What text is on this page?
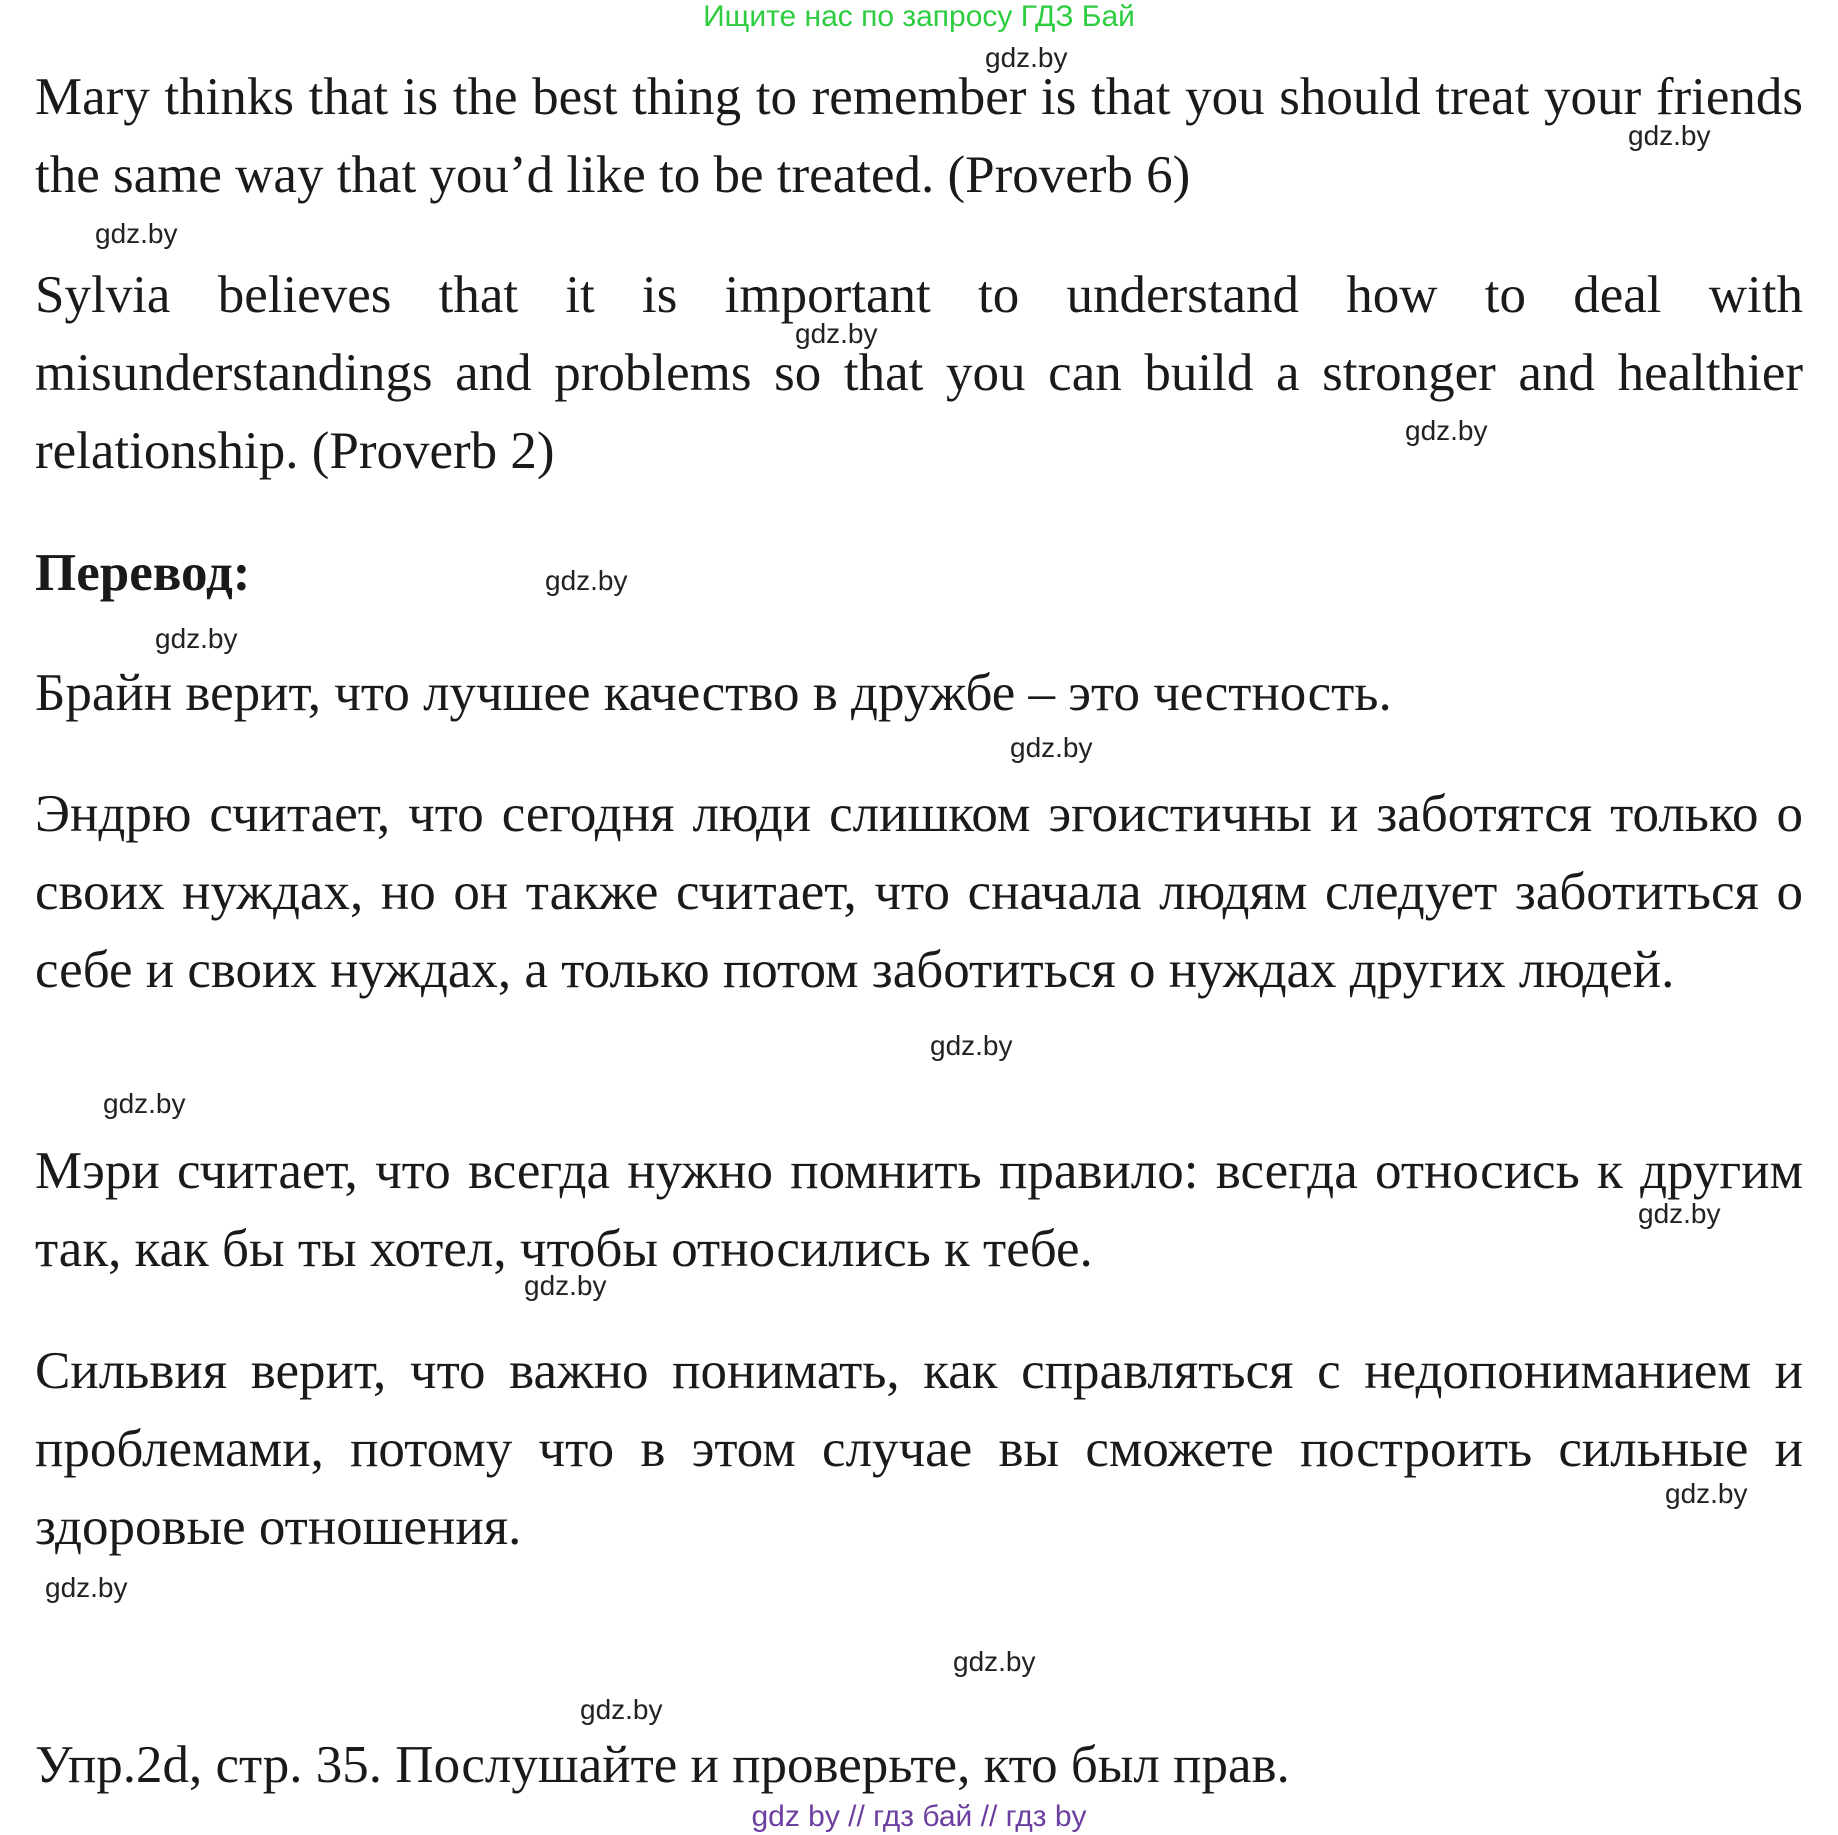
Ищите нас по запросу ГДЗ Бай

Mary thinks that is the best thing to remember is that you should treat your friends the same way that you’d like to be treated. (Proverb 6)

Sylvia believes that it is important to understand how to deal with misunderstandings and problems so that you can build a stronger and healthier relationship. (Proverb 2)

Перевод:

Брайн верит, что лучшее качество в дружбе – это честность.

Эндрю считает, что сегодня люди слишком эгоистичны и заботятся только о своих нуждах, но он также считает, что сначала людям следует заботиться о себе и своих нуждах, а только потом заботиться о нуждах других людей.

Мэри считает, что всегда нужно помнить правило: всегда относись к другим так, как бы ты хотел, чтобы относились к тебе.

Сильвия верит, что важно понимать, как справляться с недопониманием и проблемами, потому что в этом случае вы сможете построить сильные и здоровые отношения.

Упр.2d, стр. 35. Послушайте и проверьте, кто был прав.

gdz.by
gdz.by
gdz.by
gdz.by
gdz.by
gdz.by
gdz.by
gdz.by
gdz.by
gdz.by
gdz.by
gdz.by
gdz.by
gdz.by
gdz.by
gdz.by
gdz by // гдз бай // гдз by
